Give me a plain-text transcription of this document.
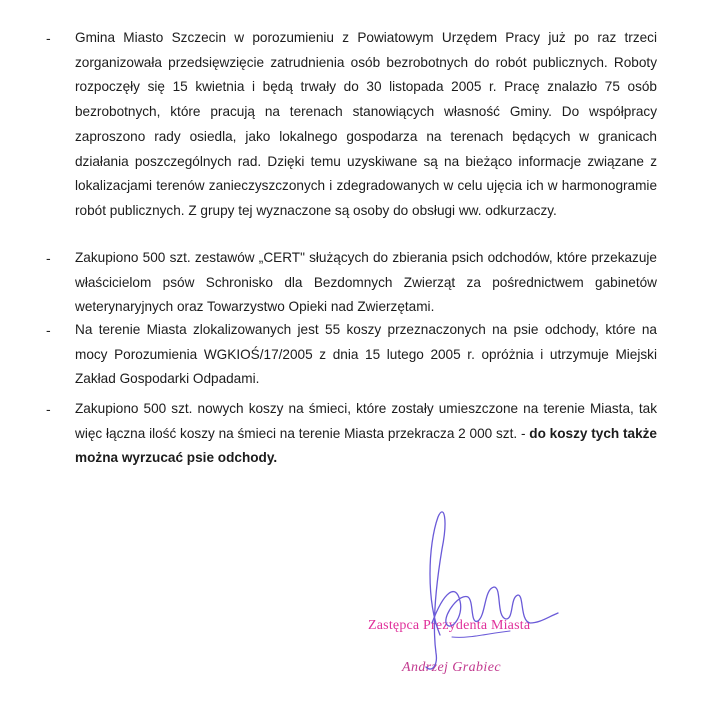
- Gmina Miasto Szczecin w porozumieniu z Powiatowym Urzędem Pracy już po raz trzeci zorganizowała przedsięwzięcie zatrudnienia osób bezrobotnych do robót publicznych. Roboty rozpoczęły się 15 kwietnia i będą trwały do 30 listopada 2005 r. Pracę znalazło 75 osób bezrobotnych, które pracują na terenach stanowiących własność Gminy. Do współpracy zaproszono rady osiedla, jako lokalnego gospodarza na terenach będących w granicach działania poszczególnych rad. Dzięki temu uzyskiwane są na bieżąco informacje związane z lokalizacjami terenów zanieczyszczonych i zdegradowanych w celu ujęcia ich w harmonogramie robót publicznych. Z grupy tej wyznaczone są osoby do obsługi ww. odkurzaczy.

- Zakupiono 500 szt. zestawów „CERT" służących do zbierania psich odchodów, które przekazuje właścicielom psów Schronisko dla Bezdomnych Zwierząt za pośrednictwem gabinetów weterynaryjnych oraz Towarzystwo Opieki nad Zwierzętami.

- Na terenie Miasta zlokalizowanych jest 55 koszy przeznaczonych na psie odchody, które na mocy Porozumienia WGKIOŚ/17/2005 z dnia 15 lutego 2005 r. opróżnia i utrzymuje Miejski Zakład Gospodarki Odpadami.

- Zakupiono 500 szt. nowych koszy na śmieci, które zostały umieszczone na terenie Miasta, tak więc łączna ilość koszy na śmieci na terenie Miasta przekracza 2 000 szt. - do koszy tych także można wyrzucać psie odchody.

Zastępca Prezydenta Miasta
Andrzej Grabiec
